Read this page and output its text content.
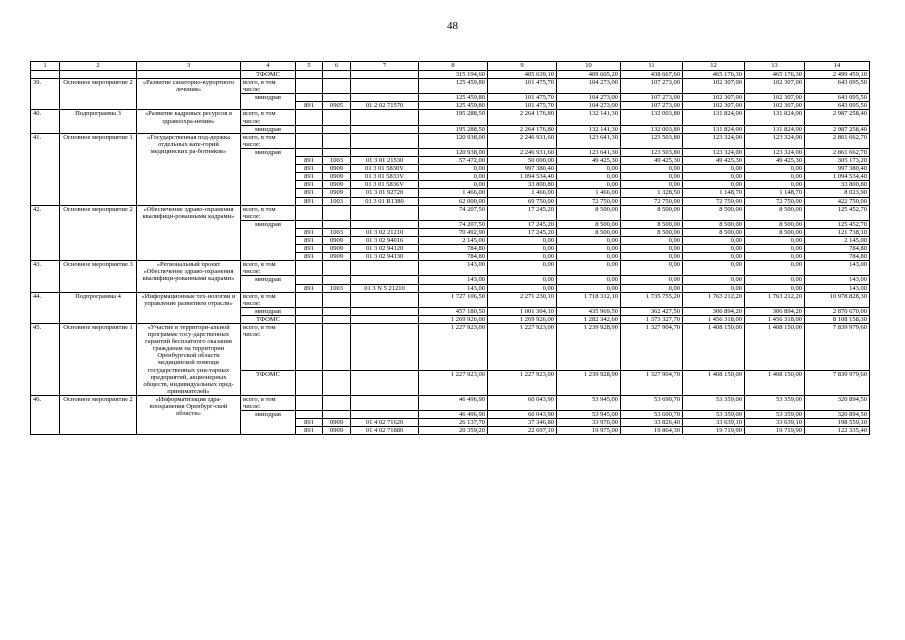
48
1	2	3	4	5	6	7	8	9	10	11	12	13	14
			ТФОМС				315 194,60	405 639,10	409 605,20	438 667,60	465 176,30	465 176,30	2 499 459,10
39.	Основное мероприятие 2	«Развитие санаторно-курортного лечения»	всего, в том числе:				125 459,80	101 475,70	104 273,00	107 273,00	102 307,00	102 307,00	643 095,50
			минздрав				125 459,80	101 475,70	104 273,00	107 273,00	102 307,00	102 307,00	643 095,50
				891	0905	01 2 02 71570	125 459,80	101 475,70	104 273,00	107 273,00	102 307,00	102 307,00	643 095,50
40.	Подпрограмма 3	«Развитие кадровых ресурсов в здравоохра-нении»	всего, в том числе:				195 288,50	2 264 176,80	132 141,30	132 003,80	131 824,00	131 824,00	2 987 258,40
			минздрав				195 288,50	2 264 176,80	132 141,30	132 003,80	131 824,00	131 824,00	2 987 258,40
41.	Основное мероприятие 1	«Государственная под-держка отдельных кате-горий медицинских ра-ботников»	всего, в том числе:				120 938,00	2 246 931,60	123 641,30	123 503,80	123 324,00	123 324,00	2 861 662,70
			минздрав				120 938,00	2 246 931,60	123 641,30	123 503,80	123 324,00	123 324,00	2 861 662,70
				891	1003	01 3 01 21530	57 472,00	50 000,00	49 425,30	49 425,30	49 425,30	49 425,30	305 173,20
				891	0909	01 3 01 5830V	0,00	997 380,40	0,00	0,00	0,00	0,00	997 380,40
				891	0909	01 3 01 5833V	0,00	1 094 534,40	0,00	0,00	0,00	0,00	1 094 534,40
				891	0909	01 3 01 5836V	0,00	33 800,80	0,00	0,00	0,00	0,00	33 800,80
				891	0909	01 3 01 92720	1 466,00	1 466,00	1 466,00	1 328,50	1 148,70	1 148,70	8 023,90
				891	1003	01 3 01 R1380	62 000,00	69 750,00	72 750,00	72 750,00	72 750,00	72 750,00	422 750,00
42.	Основное мероприятие 2	«Обеспечение здраво-охранения квалифици-рованными кадрами»	всего, в том числе:				74 207,50	17 245,20	8 500,00	8 500,00	8 500,00	8 500,00	125 452,70
			минздрав				74 207,50	17 245,20	8 500,00	8 500,00	8 500,00	8 500,00	125 452,70
				891	1003	01 3 02 21210	70 492,90	17 245,20	8 500,00	8 500,00	8 500,00	8 500,00	121 738,10
				891	0909	01 3 02 94016	2 145,00	0,00	0,00	0,00	0,00	0,00	2 145,00
				891	0909	01 3 02 94120	784,80	0,00	0,00	0,00	0,00	0,00	784,80
				891	0909	01 3 02 94130	784,80	0,00	0,00	0,00	0,00	0,00	784,80
43.	Основное мероприятие 3	«Региональный проект «Обеспечение здраво-охранения квалифици-рованными кадрами»	всего, в том числе:				143,00	0,00	0,00	0,00	0,00	0,00	143,00
			минздрав				143,00	0,00	0,00	0,00	0,00	0,00	143,00
				891	1003	01 3 N 5 21210	143,00	0,00	0,00	0,00	0,00	0,00	143,00
44.	Подпрограмма 4	«Информационные тех-нологии и управление развитием отрасли»	всего, в том числе:				1 727 106,50	2 271 230,10	1 718 312,10	1 735 755,20	1 763 212,20	1 763 212,20	10 978 828,30
			минздрав				457 180,50	1 001 304,10	435 969,50	362 427,50	306 894,20	306 894,20	2 870 670,00
			ТФОМС				1 269 926,00	1 269 926,00	1 282 342,60	1 373 327,70	1 456 318,00	1 456 318,00	8 108 158,30
45.	Основное мероприятие 1	«Участие в территори-альной программе госу-дарственных гарантий бесплатного оказания гражданам на территории Оренбургской области медицинской помощи государственных уни-тарных предприятий, акционерных обществ, индивидуальных пред-принимателей»	всего, в том числе:				1 227 923,00	1 227 923,00	1 239 928,90	1 327 904,70	1 408 150,00	1 408 150,00	7 839 979,60
			ТФОМС				1 227 923,00	1 227 923,00	1 239 928,90	1 327 904,70	1 408 150,00	1 408 150,00	7 839 979,60
46.	Основное мероприятие 2	«Информатизация здра-воохранения Оренбург-ской области»	всего, в том числе:				46 496,90	60 043,90	53 945,00	53 690,70	53 359,00	53 359,00	320 894,50
			минздрав				46 496,90	60 043,90	53 945,00	53 690,70	53 359,00	53 359,00	320 894,50
				891	0909	01 4 02 71620	26 137,70	37 346,80	33 970,00	33 826,40	33 639,10	33 639,10	198 559,10
				891	0909	01 4 02 71880	20 359,20	22 697,10	19 975,00	19 864,30	19 719,90	19 719,90	122 335,40
